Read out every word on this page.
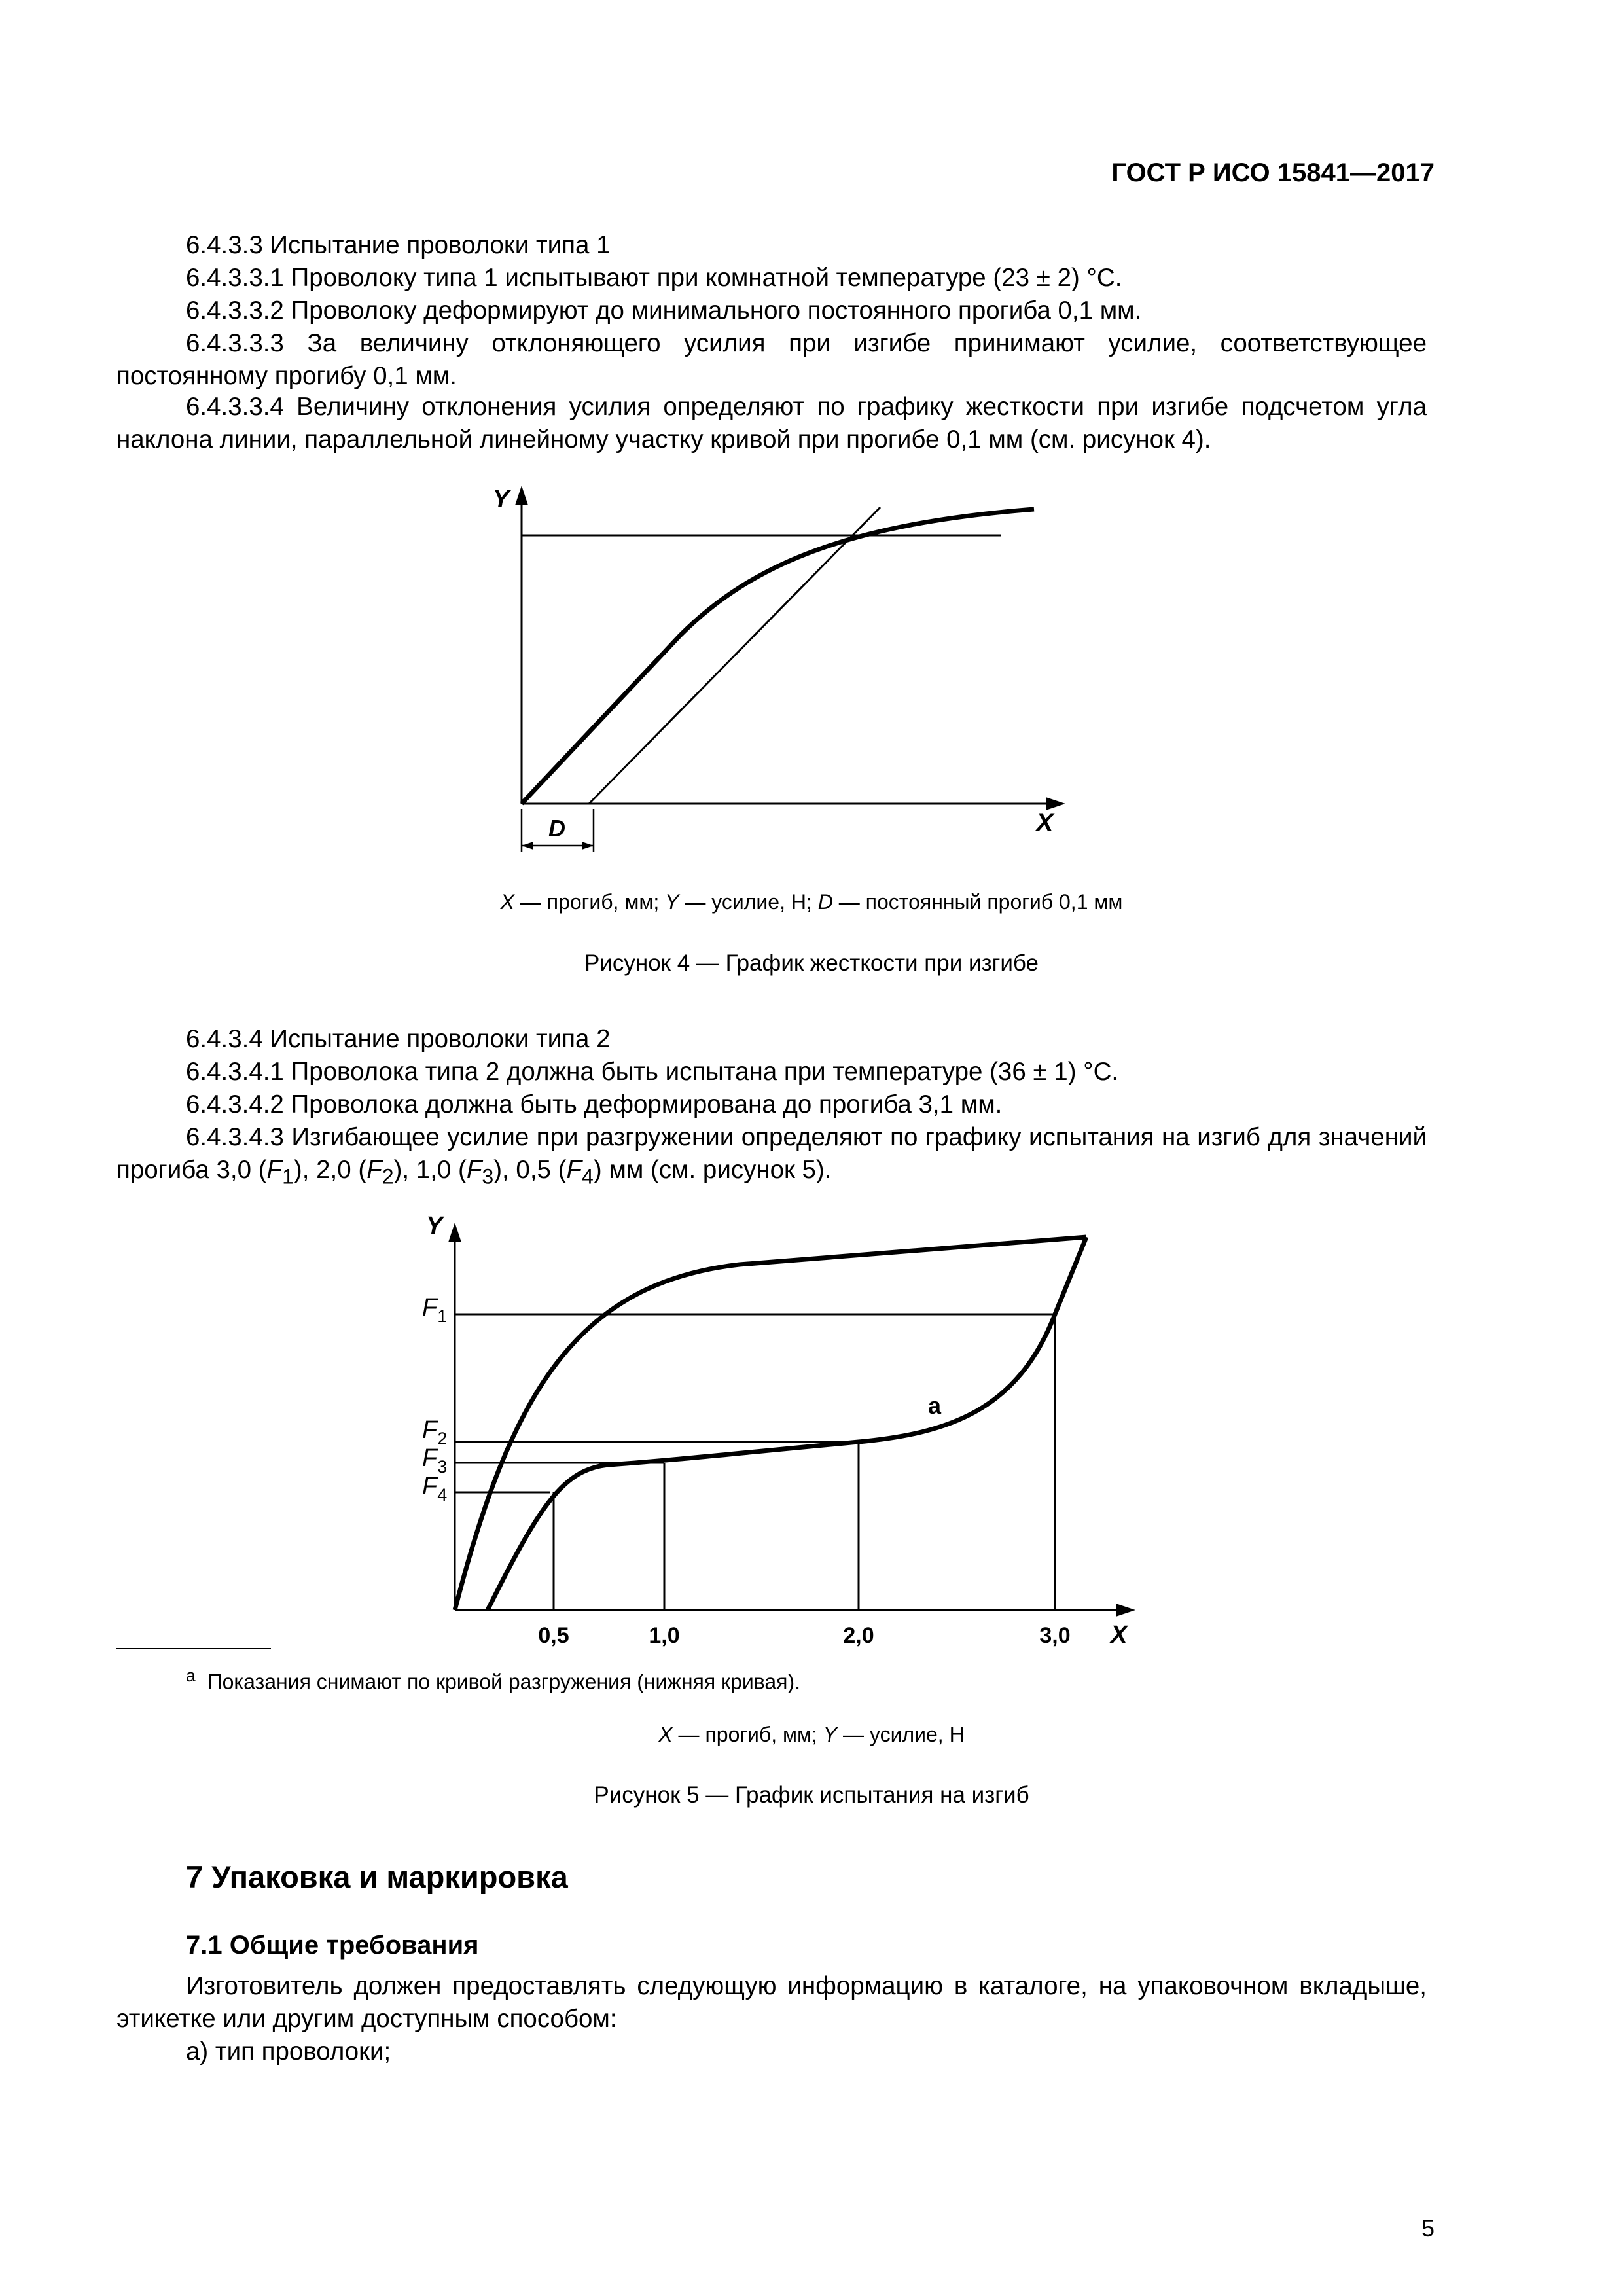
ГОСТ Р ИСО 15841—2017
6.4.3.3 Испытание проволоки типа 1
6.4.3.3.1 Проволоку типа 1 испытывают при комнатной температуре (23 ± 2) °С.
6.4.3.3.2 Проволоку деформируют до минимального постоянного прогиба 0,1 мм.
6.4.3.3.3 За величину отклоняющего усилия при изгибе принимают усилие, соответствующее постоянному прогибу 0,1 мм.
6.4.3.3.4 Величину отклонения усилия определяют по графику жесткости при изгибе подсчетом угла наклона линии, параллельной линейному участку кривой при прогибе 0,1 мм (см. рисунок 4).
Y
X
D
X — прогиб, мм; Y — усилие, Н; D — постоянный прогиб 0,1 мм
Рисунок 4 — График жесткости при изгибе
6.4.3.4 Испытание проволоки типа 2
6.4.3.4.1 Проволока типа 2 должна быть испытана при температуре (36 ± 1) °С.
6.4.3.4.2 Проволока должна быть деформирована до прогиба 3,1 мм.
6.4.3.4.3 Изгибающее усилие при разгружении определяют по графику испытания на изгиб для значений прогиба 3,0 $(F_1)$, 2,0 $(F_2)$, 1,0 $(F_3)$, 0,5 $(F_4)$ мм (см. рисунок 5).
$F_1$
$F_2$
$F_3$
$F_4$
Y
X
0,5	1,0	2,0	3,0
a
$^a$ Показания снимают по кривой разгружения (нижняя кривая).
X — прогиб, мм; Y — усилие, Н
Рисунок 5 — График испытания на изгиб
7 Упаковка и маркировка
7.1 Общие требования
Изготовитель должен предоставлять следующую информацию в каталоге, на упаковочном вкладыше, этикетке или другим доступным способом:
а) тип проволоки;
5
